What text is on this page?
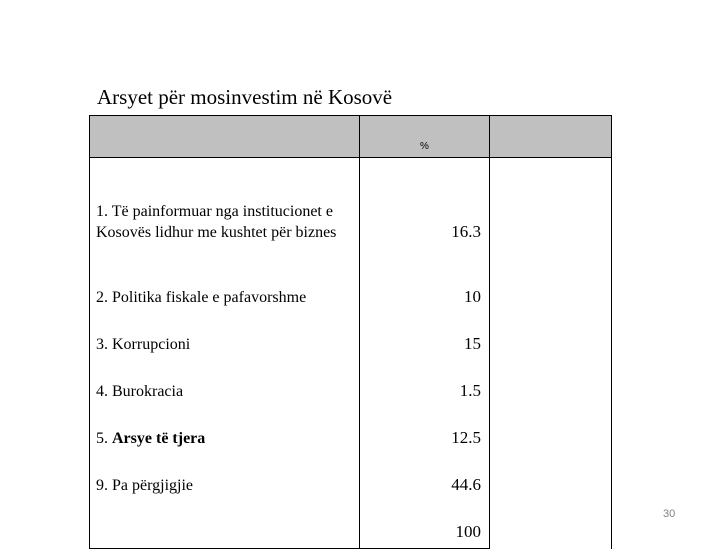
Arsyet për mosinvestim në Kosovë
	%	
1. Të painformuar nga institucionet e Kosovës lidhur me kushtet për biznes	16.3	
2. Politika fiskale e pafavorshme	10	
3. Korrupcioni	15	
4. Burokracia	1.5	
5. Arsye të tjera	12.5	
9. Pa përgjigjie	44.6	
	100	
30
